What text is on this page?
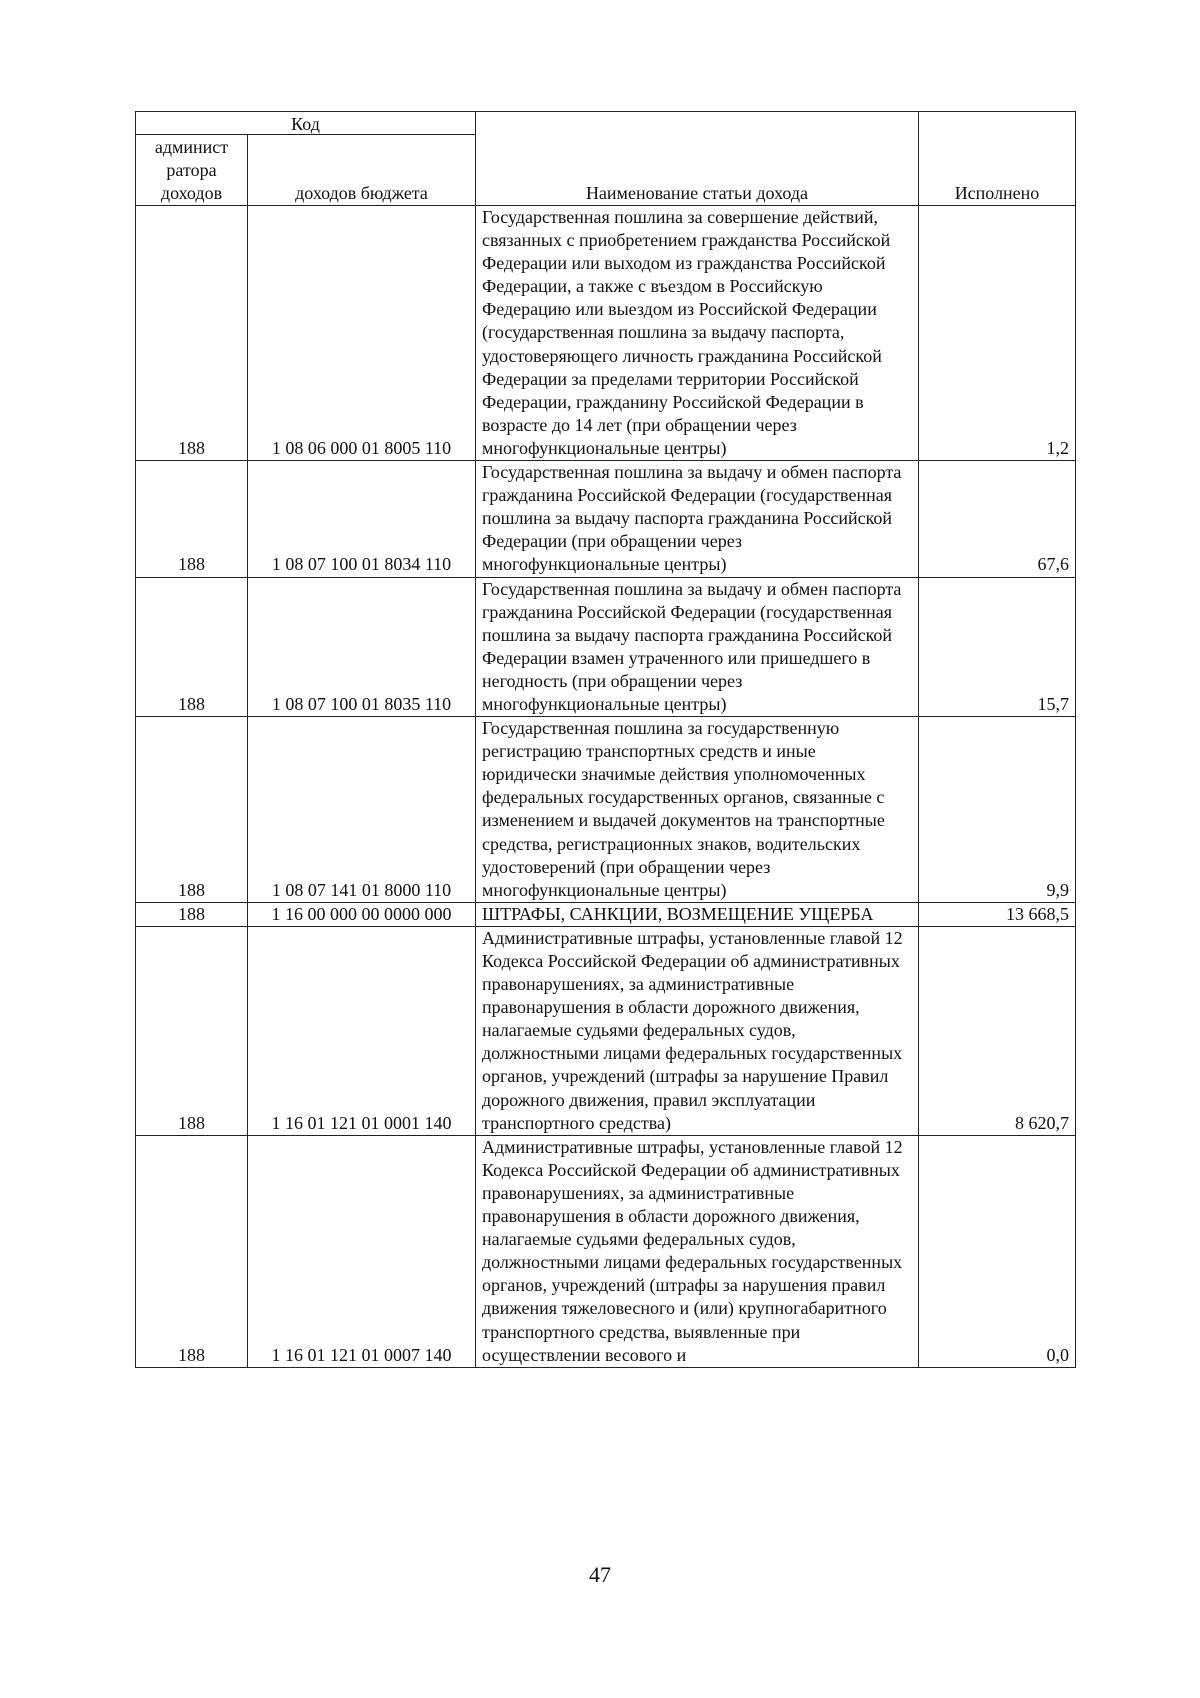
Код		Наименование статьи дохода	Исполнено
админист ратора доходов	доходов бюджета		
188	1 08 06 000 01 8005 110	Государственная пошлина за совершение действий, связанных с приобретением гражданства Российской Федерации или выходом из гражданства Российской Федерации, а также с въездом в Российскую Федерацию или выездом из Российской Федерации (государственная пошлина за выдачу паспорта, удостоверяющего личность гражданина Российской Федерации за пределами территории Российской Федерации, гражданину Российской Федерации в возрасте до 14 лет (при обращении через многофункциональные центры)	1,2
188	1 08 07 100 01 8034 110	Государственная пошлина за выдачу и обмен паспорта гражданина Российской Федерации (государственная пошлина за выдачу паспорта гражданина Российской Федерации (при обращении через многофункциональные центры)	67,6
188	1 08 07 100 01 8035 110	Государственная пошлина за выдачу и обмен паспорта гражданина Российской Федерации (государственная пошлина за выдачу паспорта гражданина Российской Федерации взамен утраченного или пришедшего в негодность (при обращении через многофункциональные центры)	15,7
188	1 08 07 141 01 8000 110	Государственная пошлина за государственную регистрацию транспортных средств и иные юридически значимые действия уполномоченных федеральных государственных органов, связанные с изменением и выдачей документов на транспортные средства, регистрационных знаков, водительских удостоверений (при обращении через многофункциональные центры)	9,9
188	1 16 00 000 00 0000 000	ШТРАФЫ, САНКЦИИ, ВОЗМЕЩЕНИЕ УЩЕРБА	13 668,5
188	1 16 01 121 01 0001 140	Административные штрафы, установленные главой 12 Кодекса Российской Федерации об административных правонарушениях, за административные правонарушения в области дорожного движения, налагаемые судьями федеральных судов, должностными лицами федеральных государственных органов, учреждений (штрафы за нарушение Правил дорожного движения, правил эксплуатации транспортного средства)	8 620,7
188	1 16 01 121 01 0007 140	Административные штрафы, установленные главой 12 Кодекса Российской Федерации об административных правонарушениях, за административные правонарушения в области дорожного движения, налагаемые судьями федеральных судов, должностными лицами федеральных государственных органов, учреждений (штрафы за нарушения правил движения тяжеловесного и (или) крупногабаритного транспортного средства, выявленные при осуществлении весового и	0,0
47
